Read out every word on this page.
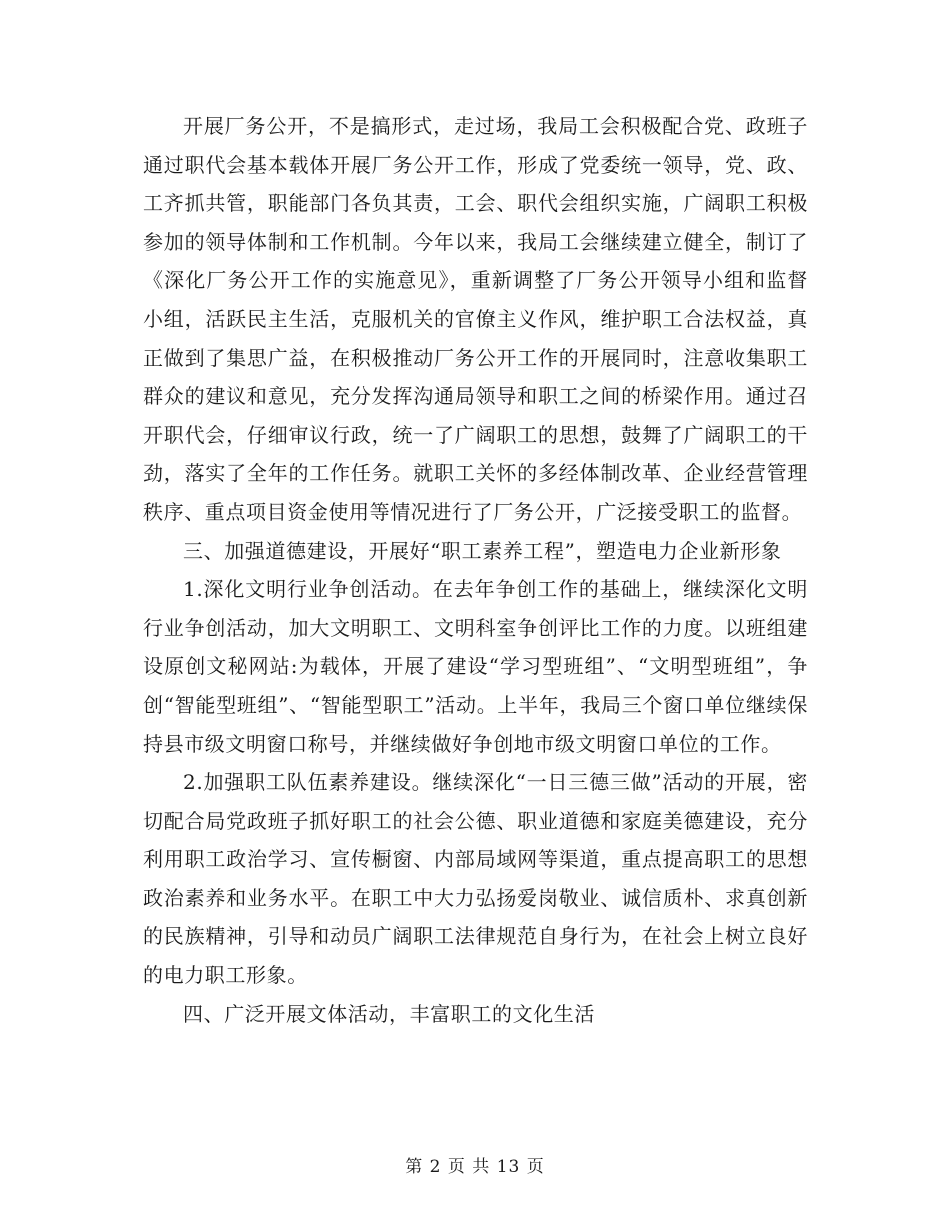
开展厂务公开，不是搞形式，走过场，我局工会积极配合党、政班子通过职代会基本载体开展厂务公开工作，形成了党委统一领导，党、政、工齐抓共管，职能部门各负其责，工会、职代会组织实施，广阔职工积极参加的领导体制和工作机制。今年以来，我局工会继续建立健全，制订了《深化厂务公开工作的实施意见》，重新调整了厂务公开领导小组和监督小组，活跃民主生活，克服机关的官僚主义作风，维护职工合法权益，真正做到了集思广益，在积极推动厂务公开工作的开展同时，注意收集职工群众的建议和意见，充分发挥沟通局领导和职工之间的桥梁作用。通过召开职代会，仔细审议行政，统一了广阔职工的思想，鼓舞了广阔职工的干劲，落实了全年的工作任务。就职工关怀的多经体制改革、企业经营管理秩序、重点项目资金使用等情况进行了厂务公开，广泛接受职工的监督。

三、加强道德建设，开展好“职工素养工程”，塑造电力企业新形象

1.深化文明行业争创活动。在去年争创工作的基础上，继续深化文明行业争创活动，加大文明职工、文明科室争创评比工作的力度。以班组建设原创文秘网站:为载体，开展了建设“学习型班组”、“文明型班组”，争创“智能型班组”、“智能型职工”活动。上半年，我局三个窗口单位继续保持县市级文明窗口称号，并继续做好争创地市级文明窗口单位的工作。

2.加强职工队伍素养建设。继续深化“一日三德三做”活动的开展，密切配合局党政班子抓好职工的社会公德、职业道德和家庭美德建设，充分利用职工政治学习、宣传橱窗、内部局域网等渠道，重点提高职工的思想政治素养和业务水平。在职工中大力弘扬爱岗敬业、诚信质朴、求真创新的民族精神，引导和动员广阔职工法律规范自身行为，在社会上树立良好的电力职工形象。

四、广泛开展文体活动，丰富职工的文化生活

第 2 页 共 13 页
